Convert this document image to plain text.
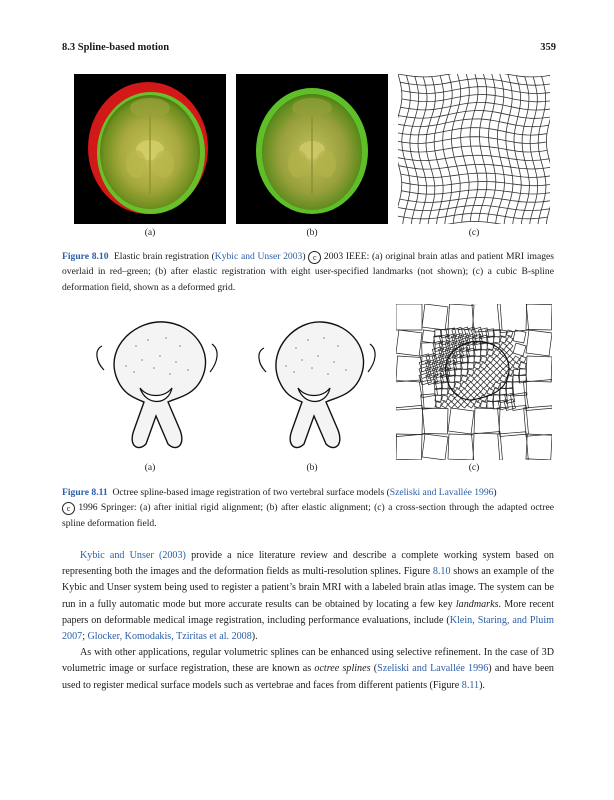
8.3 Spline-based motion	359
(a)	(b)	(c)
Figure 8.10 Elastic brain registration (Kybic and Unser 2003) c 2003 IEEE: (a) original brain atlas and patient MRI images overlaid in red–green; (b) after elastic registration with eight user-specified landmarks (not shown); (c) a cubic B-spline deformation field, shown as a deformed grid.
(a)	(b)	(c)
Figure 8.11 Octree spline-based image registration of two vertebral surface models (Szeliski and Lavallée 1996)
c 1996 Springer: (a) after initial rigid alignment; (b) after elastic alignment; (c) a cross-section through the adapted octree spline deformation field.

Kybic and Unser (2003) provide a nice literature review and describe a complete working system based on representing both the images and the deformation fields as multi-resolution splines. Figure 8.10 shows an example of the Kybic and Unser system being used to register a patient’s brain MRI with a labeled brain atlas image. The system can be run in a fully automatic mode but more accurate results can be obtained by locating a few key landmarks. More recent papers on deformable medical image registration, including performance evaluations, include (Klein, Staring, and Pluim 2007; Glocker, Komodakis, Tziritas et al. 2008).

As with other applications, regular volumetric splines can be enhanced using selective refinement. In the case of 3D volumetric image or surface registration, these are known as octree splines (Szeliski and Lavallée 1996) and have been used to register medical surface models such as vertebrae and faces from different patients (Figure 8.11).
